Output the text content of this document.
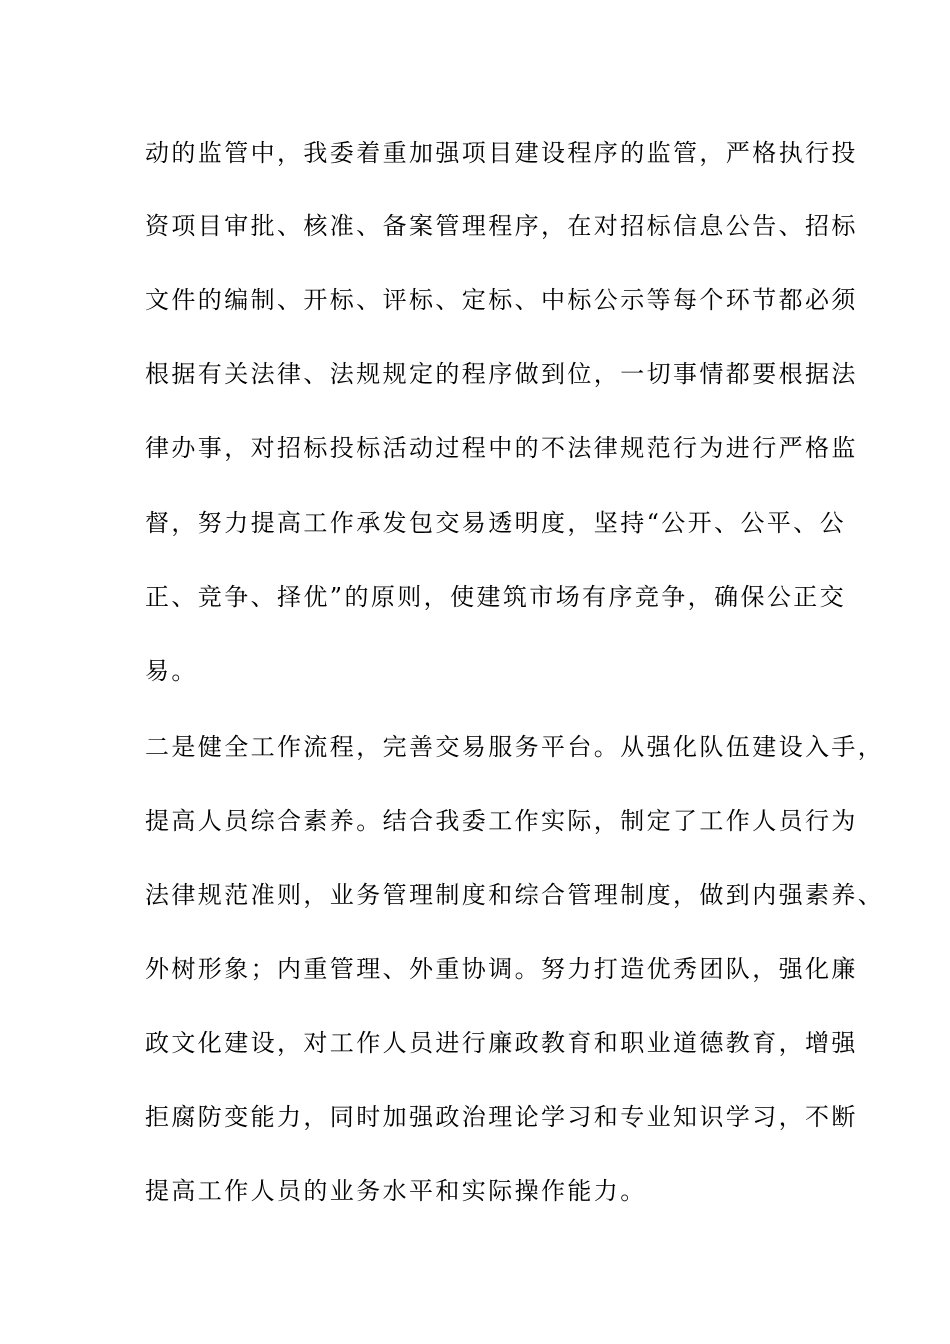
动的监管中，我委着重加强项目建设程序的监管，严格执行投
资项目审批、核准、备案管理程序，在对招标信息公告、招标
文件的编制、开标、评标、定标、中标公示等每个环节都必须
根据有关法律、法规规定的程序做到位，一切事情都要根据法
律办事，对招标投标活动过程中的不法律规范行为进行严格监
督，努力提高工作承发包交易透明度，坚持“公开、公平、公
正、竞争、择优”的原则，使建筑市场有序竞争，确保公正交
易。
二是健全工作流程，完善交易服务平台。从强化队伍建设入手，
提高人员综合素养。结合我委工作实际，制定了工作人员行为
法律规范准则，业务管理制度和综合管理制度，做到内强素养、
外树形象；内重管理、外重协调。努力打造优秀团队，强化廉
政文化建设，对工作人员进行廉政教育和职业道德教育，增强
拒腐防变能力，同时加强政治理论学习和专业知识学习，不断
提高工作人员的业务水平和实际操作能力。
